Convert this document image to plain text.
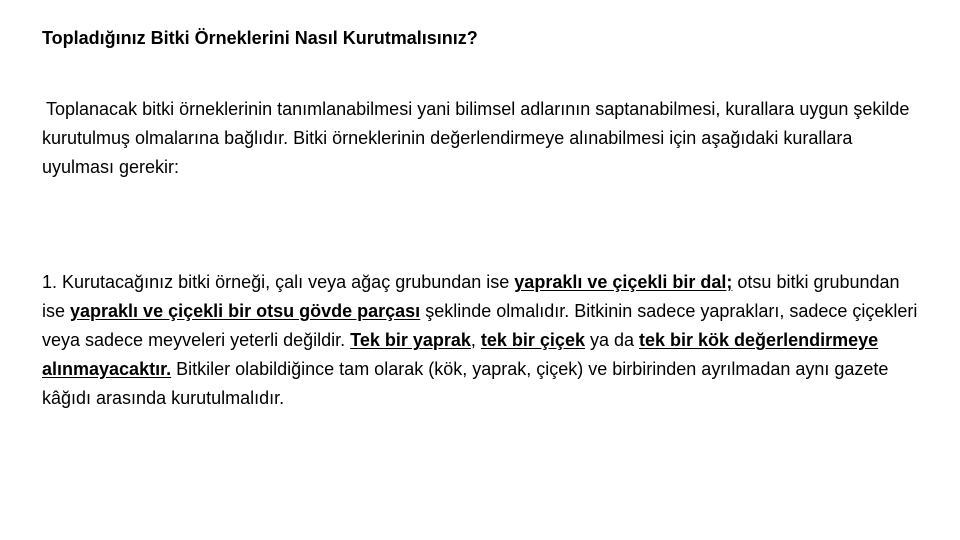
Topladığınız Bitki Örneklerini Nasıl Kurutmalısınız?

Toplanacak bitki örneklerinin tanımlanabilmesi yani bilimsel adlarının saptanabilmesi, kurallara uygun şekilde kurutulmuş olmalarına bağlıdır. Bitki örneklerinin değerlendirmeye alınabilmesi için aşağıdaki kurallara uyulması gerekir:

1. Kurutacağınız bitki örneği, çalı veya ağaç grubundan ise yapraklı ve çiçekli bir dal; otsu bitki grubundan ise yapraklı ve çiçekli bir otsu gövde parçası şeklinde olmalıdır. Bitkinin sadece yaprakları, sadece çiçekleri veya sadece meyveleri yeterli değildir. Tek bir yaprak, tek bir çiçek ya da tek bir kök değerlendirmeye alınmayacaktır. Bitkiler olabildiğince tam olarak (kök, yaprak, çiçek) ve birbirinden ayrılmadan aynı gazete kâğıdı arasında kurutulmalıdır.
